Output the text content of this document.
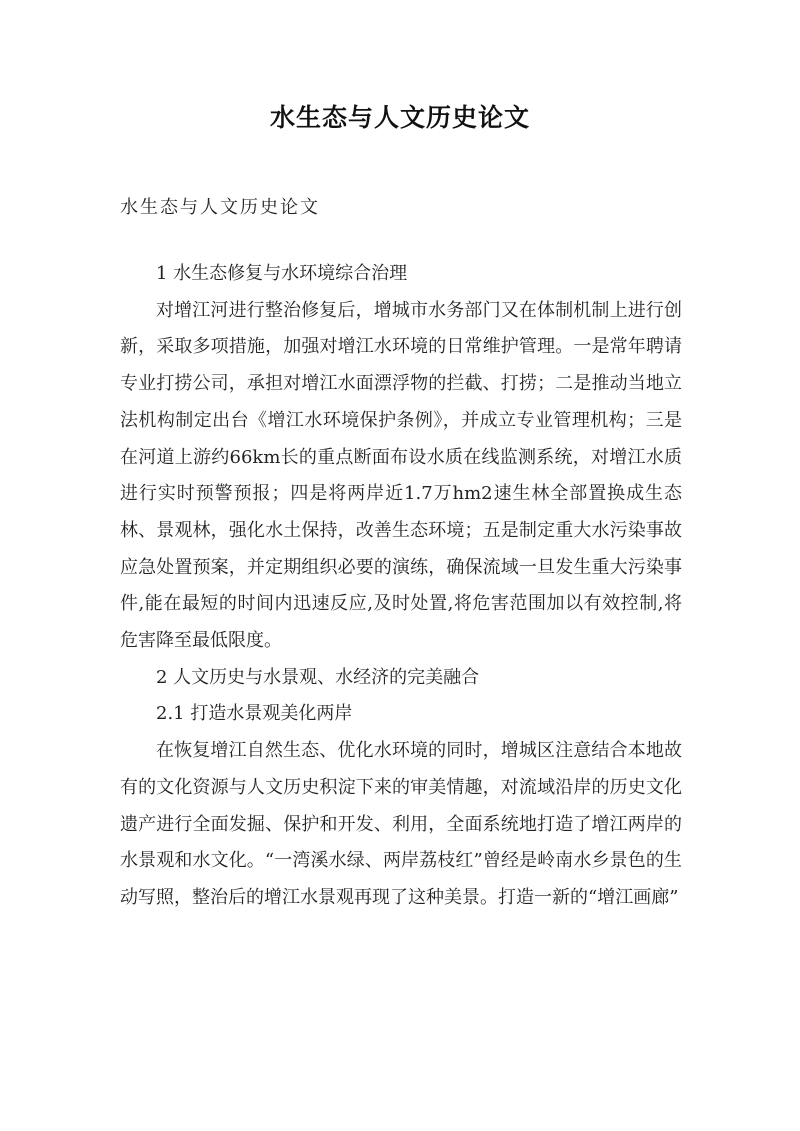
水生态与人文历史论文
水生态与人文历史论文

1 水生态修复与水环境综合治理

对增江河进行整治修复后，增城市水务部门又在体制机制上进行创新，采取多项措施，加强对增江水环境的日常维护管理。一是常年聘请专业打捞公司，承担对增江水面漂浮物的拦截、打捞；二是推动当地立法机构制定出台《增江水环境保护条例》，并成立专业管理机构；三是在河道上游约66km长的重点断面布设水质在线监测系统，对增江水质进行实时预警预报；四是将两岸近1.7万hm2速生林全部置换成生态林、景观林，强化水土保持，改善生态环境；五是制定重大水污染事故应急处置预案，并定期组织必要的演练，确保流域一旦发生重大污染事件,能在最短的时间内迅速反应,及时处置,将危害范围加以有效控制,将危害降至最低限度。

2 人文历史与水景观、水经济的完美融合

2.1 打造水景观美化两岸

在恢复增江自然生态、优化水环境的同时，增城区注意结合本地故有的文化资源与人文历史积淀下来的审美情趣，对流域沿岸的历史文化遗产进行全面发掘、保护和开发、利用，全面系统地打造了增江两岸的水景观和水文化。“一湾溪水绿、两岸荔枝红”曾经是岭南水乡景色的生动写照，整治后的增江水景观再现了这种美景。打造一新的“增江画廊”
